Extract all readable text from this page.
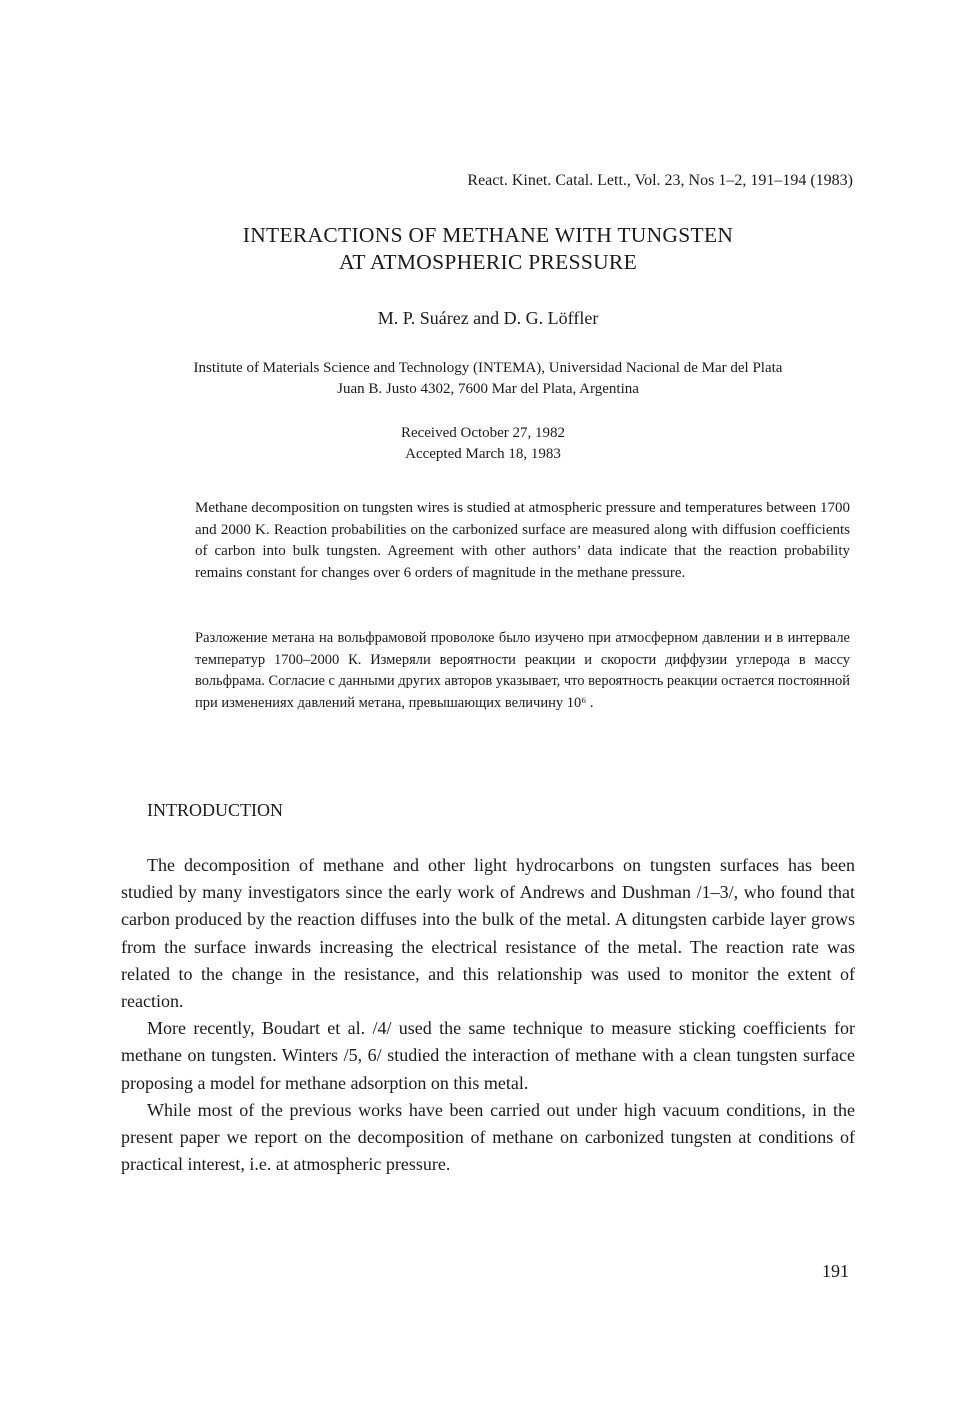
React. Kinet. Catal. Lett., Vol. 23, Nos 1–2, 191–194 (1983)
INTERACTIONS OF METHANE WITH TUNGSTEN
AT ATMOSPHERIC PRESSURE
M. P. Suárez and D. G. Löffler
Institute of Materials Science and Technology (INTEMA), Universidad Nacional de Mar del Plata
Juan B. Justo 4302, 7600 Mar del Plata, Argentina
Received October 27, 1982
Accepted March 18, 1983

Methane decomposition on tungsten wires is studied at atmospheric pressure and temperatures between 1700 and 2000 K. Reaction probabilities on the carbonized surface are measured along with diffusion coefficients of carbon into bulk tungsten. Agreement with other authors’ data indicate that the reaction probability remains constant for changes over 6 orders of magnitude in the methane pressure.

Разложение метана на вольфрамовой проволоке было изучено при атмосферном давлении и в интервале температур 1700–2000 К. Измеряли вероятности реакции и скорости диффузии углерода в массу вольфрама. Согласие с данными других авторов указывает, что вероятность реакции остается постоянной при изменениях давлений метана, превышающих величину 10⁶ .

INTRODUCTION

The decomposition of methane and other light hydrocarbons on tungsten surfaces has been studied by many investigators since the early work of Andrews and Dushman /1–3/, who found that carbon produced by the reaction diffuses into the bulk of the metal. A ditungsten carbide layer grows from the surface inwards increasing the electrical resistance of the metal. The reaction rate was related to the change in the resistance, and this relationship was used to monitor the extent of reaction.

More recently, Boudart et al. /4/ used the same technique to measure sticking coefficients for methane on tungsten. Winters /5, 6/ studied the interaction of methane with a clean tungsten surface proposing a model for methane adsorption on this metal.

While most of the previous works have been carried out under high vacuum conditions, in the present paper we report on the decomposition of methane on carbonized tungsten at conditions of practical interest, i.e. at atmospheric pressure.

191
